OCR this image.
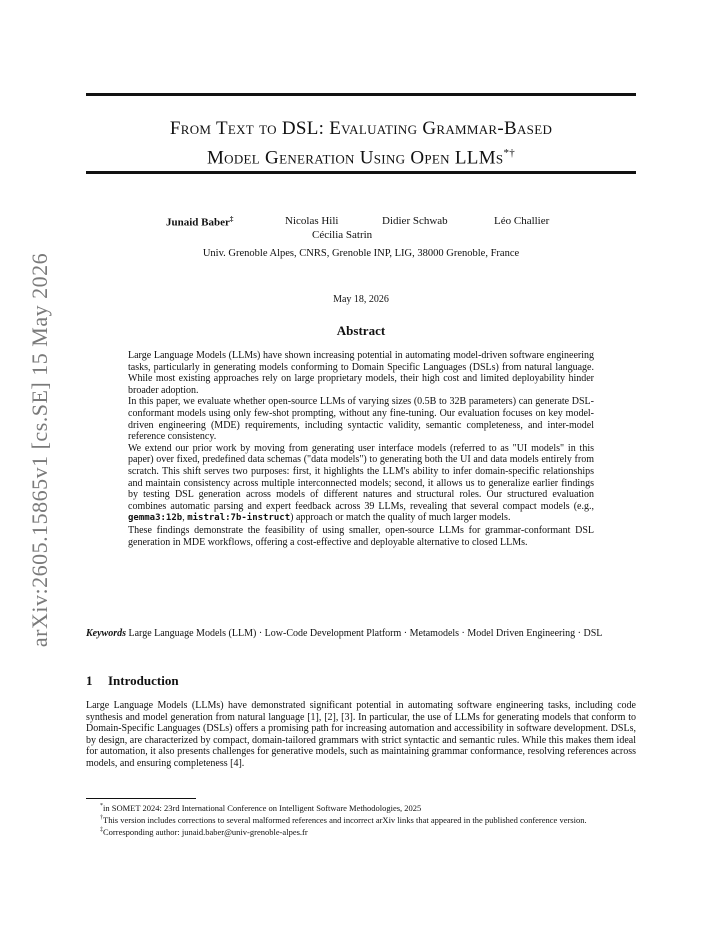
arXiv:2605.15865v1 [cs.SE] 15 May 2026
From Text to DSL: Evaluating Grammar-Based
Model Generation Using Open LLMs*†
Junaid Baber‡	Nicolas Hili	Didier Schwab	Léo Challier
Cécilia Satrin
Univ. Grenoble Alpes, CNRS, Grenoble INP, LIG, 38000 Grenoble, France
May 18, 2026
Abstract

Large Language Models (LLMs) have shown increasing potential in automating model-driven software engineering tasks, particularly in generating models conforming to Domain Specific Languages (DSLs) from natural language. While most existing approaches rely on large proprietary models, their high cost and limited deployability hinder broader adoption.

In this paper, we evaluate whether open-source LLMs of varying sizes (0.5B to 32B parameters) can generate DSL-conformant models using only few-shot prompting, without any fine-tuning. Our evaluation focuses on key model-driven engineering (MDE) requirements, including syntactic validity, semantic completeness, and inter-model reference consistency.

We extend our prior work by moving from generating user interface models (referred to as "UI models" in this paper) over fixed, predefined data schemas ("data models") to generating both the UI and data models entirely from scratch. This shift serves two purposes: first, it highlights the LLM's ability to infer domain-specific relationships and maintain consistency across multiple interconnected models; second, it allows us to generalize earlier findings by testing DSL generation across models of different natures and structural roles. Our structured evaluation combines automatic parsing and expert feedback across 39 LLMs, revealing that several compact models (e.g., gemma3:12b, mistral:7b-instruct) approach or match the quality of much larger models.

These findings demonstrate the feasibility of using smaller, open-source LLMs for grammar-conformant DSL generation in MDE workflows, offering a cost-effective and deployable alternative to closed LLMs.

Keywords Large Language Models (LLM) · Low-Code Development Platform · Metamodels · Model Driven Engineering · DSL
1 Introduction

Large Language Models (LLMs) have demonstrated significant potential in automating software engineering tasks, including code synthesis and model generation from natural language [1], [2], [3]. In particular, the use of LLMs for generating models that conform to Domain-Specific Languages (DSLs) offers a promising path for increasing automation and accessibility in software development. DSLs, by design, are characterized by compact, domain-tailored grammars with strict syntactic and semantic rules. While this makes them ideal for automation, it also presents challenges for generative models, such as maintaining grammar conformance, resolving references across models, and ensuring completeness [4].

*in SOMET 2024: 23rd International Conference on Intelligent Software Methodologies, 2025

†This version includes corrections to several malformed references and incorrect arXiv links that appeared in the published conference version.

‡Corresponding author: junaid.baber@univ-grenoble-alpes.fr
